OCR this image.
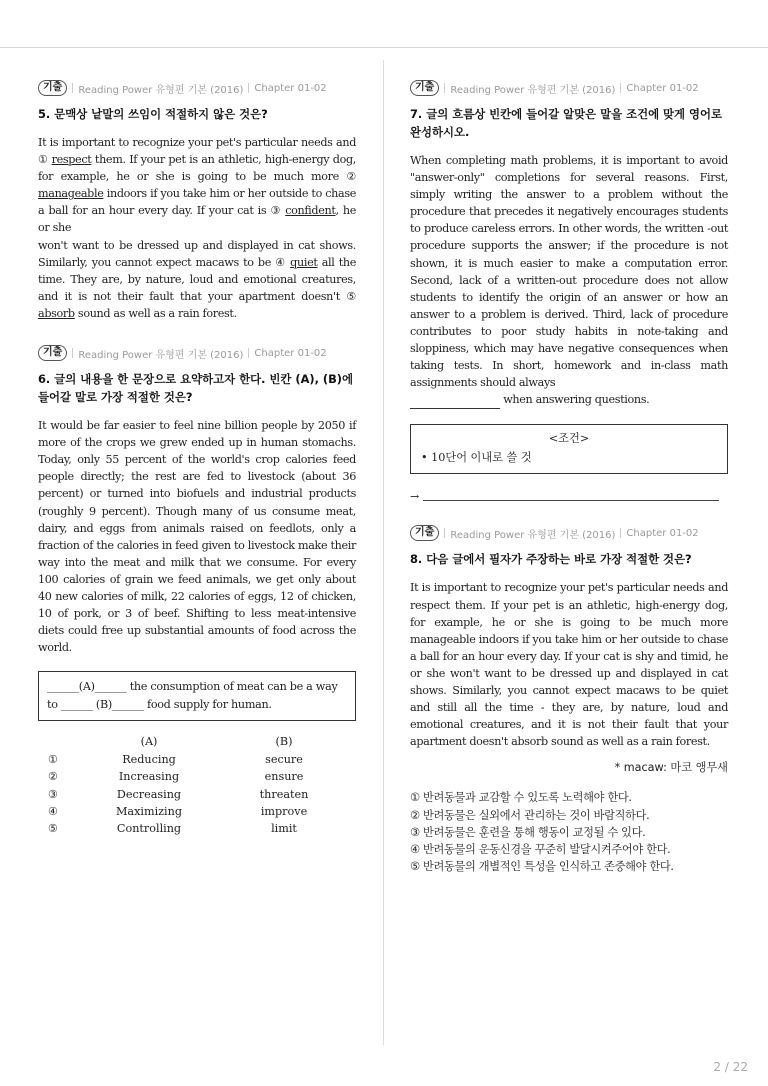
기출	Reading Power 유형편 기본 (2016) Chapter 01-02
5. 문맥상 낱말의 쓰임이 적절하지 않은 것은?
It is important to recognize your pet's particular needs and ① respect them. If your pet is an athletic, high-energy dog, for example, he or she is going to be much more ② manageable indoors if you take him or her outside to chase a ball for an hour every day. If your cat is ③ confident, he or she
won't want to be dressed up and displayed in cat shows. Similarly, you cannot expect macaws to be ④ quiet all the time. They are, by nature, loud and emotional creatures, and it is not their fault that your apartment doesn't ⑤ absorb sound as well as a rain forest.
기출	Reading Power 유형편 기본 (2016) Chapter 01-02
6. 글의 내용을 한 문장으로 요약하고자 한다. 빈칸 (A), (B)에 들어갈 말로 가장 적절한 것은?
It would be far easier to feel nine billion people by 2050 if more of the crops we grew ended up in human stomachs. Today, only 55 percent of the world's crop calories feed people directly; the rest are fed to livestock (about 36 percent) or turned into biofuels and industrial products (roughly 9 percent). Though many of us consume meat, dairy, and eggs from animals raised on feedlots, only a fraction of the calories in feed given to livestock make their way into the meat and milk that we consume. For every 100 calories of grain we feed animals, we get only about 40 new calories of milk, 22 calories of eggs, 12 of chicken, 10 of pork, or 3 of beef. Shifting to less meat-intensive diets could free up substantial amounts of food across the world.
______(A)______ the consumption of meat can be a way
to ______ (B)______ food supply for human.
(A)	(B)
①	Reducing	secure
②	Increasing	ensure
③	Decreasing	threaten
④	Maximizing	improve
⑤	Controlling	limit
기출	Reading Power 유형편 기본 (2016) Chapter 01-02
7. 글의 흐름상 빈칸에 들어갈 알맞은 말을 조건에 맞게 영어로 완성하시오.
When completing math problems, it is important to avoid "answer-only" completions for several reasons. First, simply writing the answer to a problem without the procedure that precedes it negatively encourages students to produce careless errors. In other words, the written -out procedure supports the answer; if the procedure is not shown, it is much easier to make a computation error. Second, lack of a written-out procedure does not allow students to identify the origin of an answer or how an answer to a problem is derived. Third, lack of procedure contributes to poor study habits in note-taking and sloppiness, which may have negative consequences when taking tests. In short, homework and in-class math assignments should always
when answering questions.
<조건>
• 10단어 이내로 쓸 것
→
기출	Reading Power 유형편 기본 (2016) Chapter 01-02
8. 다음 글에서 필자가 주장하는 바로 가장 적절한 것은?
It is important to recognize your pet's particular needs and respect them. If your pet is an athletic, high-energy dog, for example, he or she is going to be much more manageable indoors if you take him or her outside to chase a ball for an hour every day. If your cat is shy and timid, he or she won't want to be dressed up and displayed in cat shows. Similarly, you cannot expect macaws to be quiet and still all the time - they are, by nature, loud and emotional creatures, and it is not their fault that your apartment doesn't absorb sound as well as a rain forest.
* macaw: 마코 앵무새
① 반려동물과 교감할 수 있도록 노력해야 한다.
② 반려동물은 실외에서 관리하는 것이 바람직하다.
③ 반려동물은 훈련을 통해 행동이 교정될 수 있다.
④ 반려동물의 운동신경을 꾸준히 발달시켜주어야 한다.
⑤ 반려동물의 개별적인 특성을 인식하고 존중해야 한다.
2 / 22
